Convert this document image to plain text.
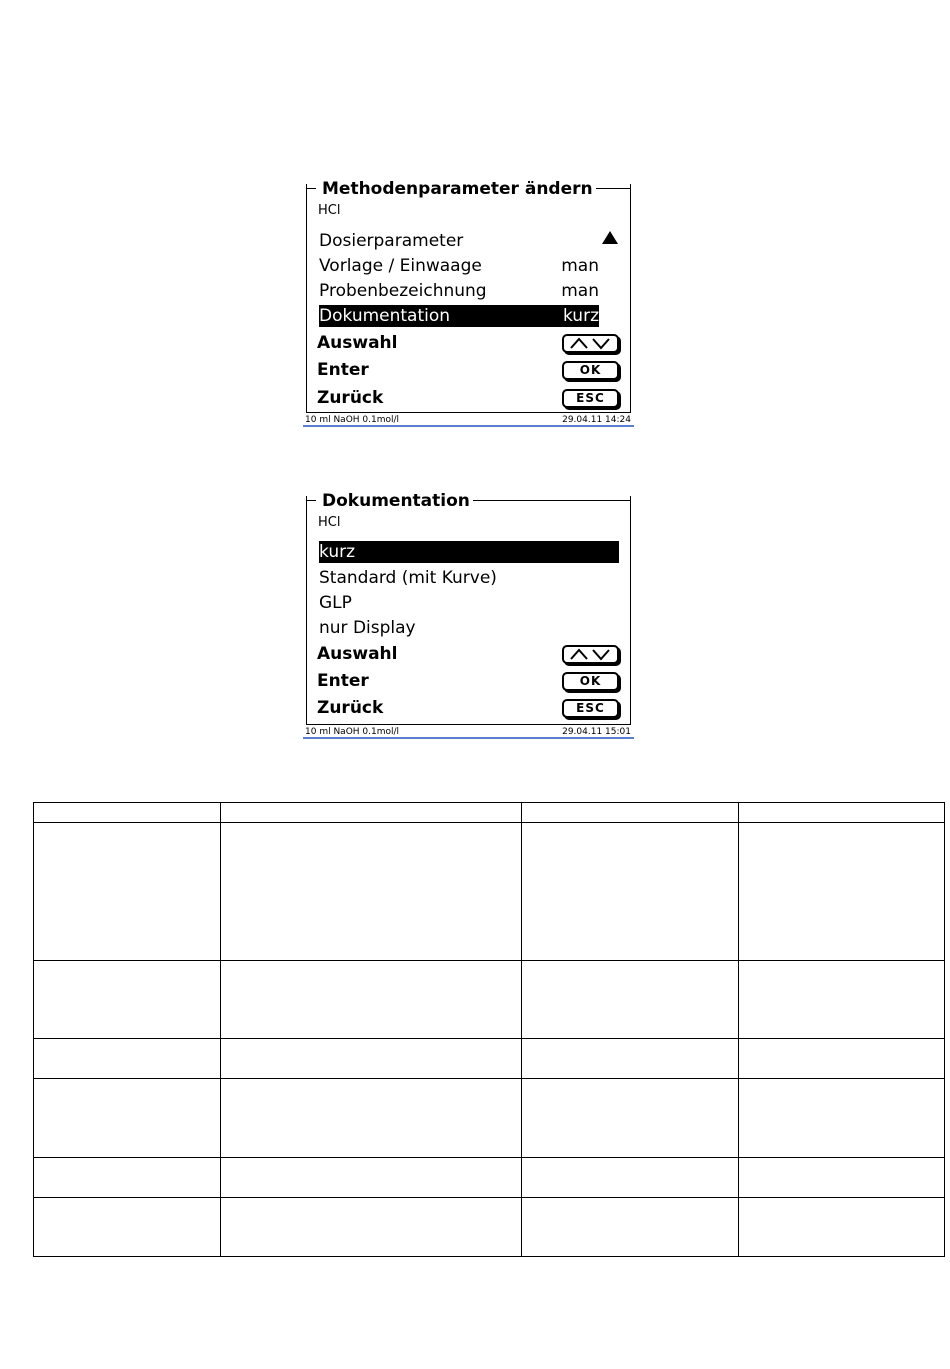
Methodenparameter ändern
HCl
Dosierparameter
Vorlage / Einwaage	man
Probenbezeichnung	man
Dokumentation	kurz
Auswahl
Enter	OK
Zurück	ESC
10 ml NaOH 0.1mol/l	29.04.11 14:24
Dokumentation
HCl
kurz
Standard (mit Kurve)
GLP
nur Display
Auswahl
Enter	OK
Zurück	ESC
10 ml NaOH 0.1mol/l	29.04.11 15:01
